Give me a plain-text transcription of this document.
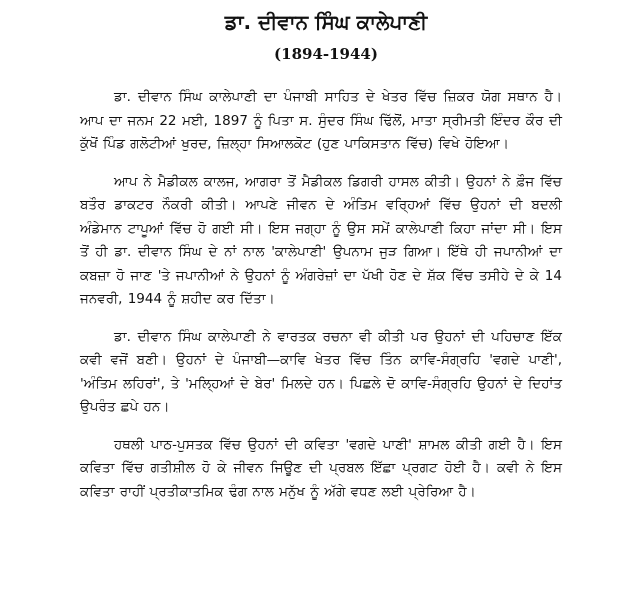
ਡਾ. ਦੀਵਾਨ ਸਿੰਘ ਕਾਲੇਪਾਣੀ
(1894-1944)

ਡਾ. ਦੀਵਾਨ ਸਿੰਘ ਕਾਲੇਪਾਣੀ ਦਾ ਪੰਜਾਬੀ ਸਾਹਿਤ ਦੇ ਖੇਤਰ ਵਿੱਚ ਜ਼ਿਕਰ ਯੋਗ ਸਥਾਨ ਹੈ। ਆਪ ਦਾ ਜਨਮ 22 ਮਈ, 1897 ਨੂੰ ਪਿਤਾ ਸ. ਸੁੰਦਰ ਸਿੰਘ ਢਿੱਲੋਂ, ਮਾਤਾ ਸ੍ਰੀਮਤੀ ਇੰਦਰ ਕੌਰ ਦੀ ਕੁੱਖੋਂ ਪਿੰਡ ਗਲੋਟੀਆਂ ਖੁਰਦ, ਜ਼ਿਲ੍ਹਾ ਸਿਆਲਕੋਟ (ਹੁਣ ਪਾਕਿਸਤਾਨ ਵਿੱਚ) ਵਿਖੇ ਹੋਇਆ।

ਆਪ ਨੇ ਮੈਡੀਕਲ ਕਾਲਜ, ਆਗਰਾ ਤੋਂ ਮੈਡੀਕਲ ਡਿਗਰੀ ਹਾਸਲ ਕੀਤੀ। ਉਹਨਾਂ ਨੇ ਫ਼ੌਜ ਵਿੱਚ ਬਤੌਰ ਡਾਕਟਰ ਨੌਕਰੀ ਕੀਤੀ। ਆਪਣੇ ਜੀਵਨ ਦੇ ਅੰਤਿਮ ਵਰ੍ਹਿਆਂ ਵਿੱਚ ਉਹਨਾਂ ਦੀ ਬਦਲੀ ਅੰਡੇਮਾਨ ਟਾਪੂਆਂ ਵਿੱਚ ਹੋ ਗਈ ਸੀ। ਇਸ ਜਗ੍ਹਾ ਨੂੰ ਉਸ ਸਮੇਂ ਕਾਲੇਪਾਣੀ ਕਿਹਾ ਜਾਂਦਾ ਸੀ। ਇਸ ਤੋਂ ਹੀ ਡਾ. ਦੀਵਾਨ ਸਿੰਘ ਦੇ ਨਾਂ ਨਾਲ 'ਕਾਲੇਪਾਣੀ' ਉਪਨਾਮ ਜੁੜ ਗਿਆ। ਇੱਥੇ ਹੀ ਜਪਾਨੀਆਂ ਦਾ ਕਬਜ਼ਾ ਹੋ ਜਾਣ 'ਤੇ ਜਪਾਨੀਆਂ ਨੇ ਉਹਨਾਂ ਨੂੰ ਅੰਗਰੇਜ਼ਾਂ ਦਾ ਪੱਖੀ ਹੋਣ ਦੇ ਸ਼ੱਕ ਵਿੱਚ ਤਸੀਹੇ ਦੇ ਕੇ 14 ਜਨਵਰੀ, 1944 ਨੂੰ ਸ਼ਹੀਦ ਕਰ ਦਿੱਤਾ।

ਡਾ. ਦੀਵਾਨ ਸਿੰਘ ਕਾਲੇਪਾਣੀ ਨੇ ਵਾਰਤਕ ਰਚਨਾ ਵੀ ਕੀਤੀ ਪਰ ਉਹਨਾਂ ਦੀ ਪਹਿਚਾਣ ਇੱਕ ਕਵੀ ਵਜੋਂ ਬਣੀ। ਉਹਨਾਂ ਦੇ ਪੰਜਾਬੀ—ਕਾਵਿ ਖੇਤਰ ਵਿੱਚ ਤਿੰਨ ਕਾਵਿ-ਸੰਗ੍ਰਹਿ 'ਵਗਦੇ ਪਾਣੀ', 'ਅੰਤਿਮ ਲਹਿਰਾਂ', ਤੇ 'ਮਲ੍ਹਿਆਂ ਦੇ ਬੇਰ' ਮਿਲਦੇ ਹਨ। ਪਿਛਲੇ ਦੋ ਕਾਵਿ-ਸੰਗ੍ਰਹਿ ਉਹਨਾਂ ਦੇ ਦਿਹਾਂਤ ਉਪਰੰਤ ਛਪੇ ਹਨ।

ਹਥਲੀ ਪਾਠ-ਪੁਸਤਕ ਵਿੱਚ ਉਹਨਾਂ ਦੀ ਕਵਿਤਾ 'ਵਗਦੇ ਪਾਣੀ' ਸ਼ਾਮਲ ਕੀਤੀ ਗਈ ਹੈ। ਇਸ ਕਵਿਤਾ ਵਿੱਚ ਗਤੀਸ਼ੀਲ ਹੋ ਕੇ ਜੀਵਨ ਜਿਊਣ ਦੀ ਪ੍ਰਬਲ ਇੱਛਾ ਪ੍ਰਗਟ ਹੋਈ ਹੈ। ਕਵੀ ਨੇ ਇਸ ਕਵਿਤਾ ਰਾਹੀਂ ਪ੍ਰਤੀਕਾਤਮਿਕ ਢੰਗ ਨਾਲ ਮਨੁੱਖ ਨੂੰ ਅੱਗੇ ਵਧਣ ਲਈ ਪ੍ਰੇਰਿਆ ਹੈ।
